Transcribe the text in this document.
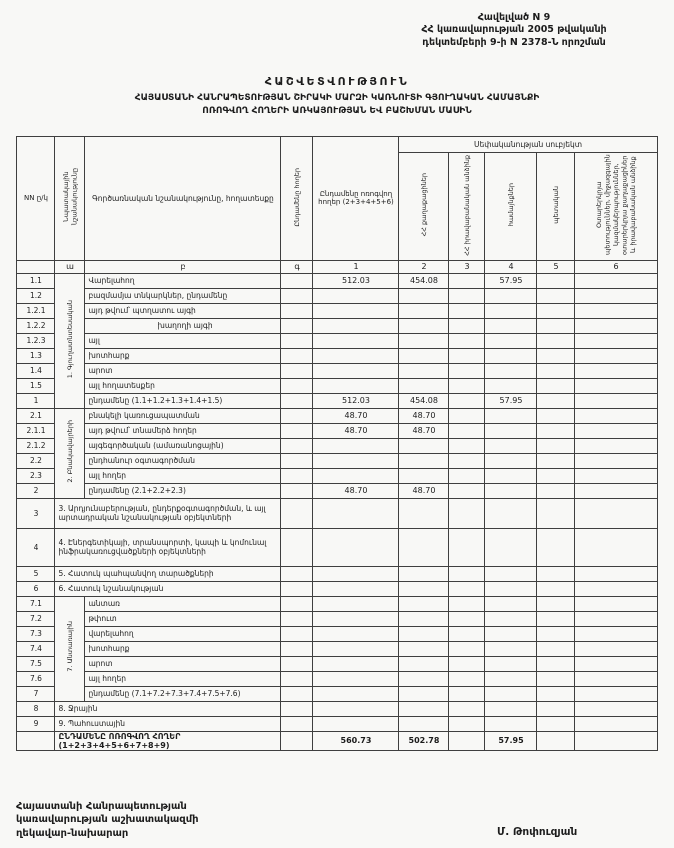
Հավելված N 9
ՀՀ կառավարության 2005 թվականի
դեկտեմբերի 9-ի N 2378-Ն որոշման
ՀԱՇՎԵՏՎՈՒԹՅՈՒՆ
ՀԱՅԱՍՏԱՆԻ ՀԱՆՐԱՊԵՏՈՒԹՅԱՆ ՇԻՐԱԿԻ ՄԱՐԶԻ ԿԱՌՆՈՒՏԻ ԳՅՈՒՂԱԿԱՆ ՀԱՄԱՅՆՔԻ
ՈՌՈԳՎՈՂ ՀՈՂԵՐԻ ԱՌԿԱՅՈՒԹՅԱՆ ԵՎ ԲԱՇԽՄԱՆ ՄԱՍԻՆ
NN ը/կ	Նպատակային նշանակությունը	Գործառնական նշանակությունը, հողատեսքը	Ընդամենը հողեր	Ընդամենը ոռոգվող հողեր (2+3+4+5+6)	Սեփականության սուբյեկտ				
					ՀՀ քաղաքացիներ	ՀՀ իրավաբանական անձինք	համայնքներ	պետական	Օտարերկրյա պետություններ, միջազգային կազմակերպություններ, օտարերկրյա քաղաքացիներ և իրավաբանական անձինք
	ա	բ	գ	1	2	3	4	5	6
1.1	1. Գյուղատնտեսական	Վարելահող		512.03	454.08		57.95		
1.2		բազմամյա տնկարկներ, ընդամենը							
1.2.1		այդ թվում՝ պտղատու այգի							
1.2.2		խաղողի այգի							
1.2.3		այլ							
1.3		խոտհարք							
1.4		արոտ							
1.5		այլ հողատեսքեր							
1		ընդամենը (1.1+1.2+1.3+1.4+1.5)		512.03	454.08		57.95		
2.1	2. Բնակավայրերի	բնակելի կառուցապատման		48.70	48.70				
2.1.1		այդ թվում՝ տնամերձ հողեր		48.70	48.70				
2.1.2		այգեգործական (ամառանոցային)							
2.2		ընդհանուր օգտագործման							
2.3		այլ հողեր							
2		ընդամենը (2.1+2.2+2.3)		48.70	48.70				
3	3. Արդյունաբերության, ընդերքօգտագործման, և այլ արտադրական նշանակության օբյեկտների								
4	4. Էներգետիկայի, տրանսպորտի, կապի և կոմունալ ինֆրակառուցվածքների օբյեկտների								
5	5. Հատուկ պահպանվող տարածքների								
6	6. Հատուկ նշանակության								
7.1	7. Անտառային	անտառ							
7.2		թփուտ							
7.3		վարելահող							
7.4		խոտհարք							
7.5		արոտ							
7.6		այլ հողեր							
7		ընդամենը (7.1+7.2+7.3+7.4+7.5+7.6)							
8	8. Ջրային								
9	9. Պահուստային								
	ԸՆԴԱՄԵՆԸ ՈՌՈԳՎՈՂ ՀՈՂԵՐ (1+2+3+4+5+6+7+8+9)			560.73	502.78		57.95		
Հայաստանի Հանրապետության
կառավարության աշխատակազմի
ղեկավար-նախարար	Մ. Թոփուզյան
